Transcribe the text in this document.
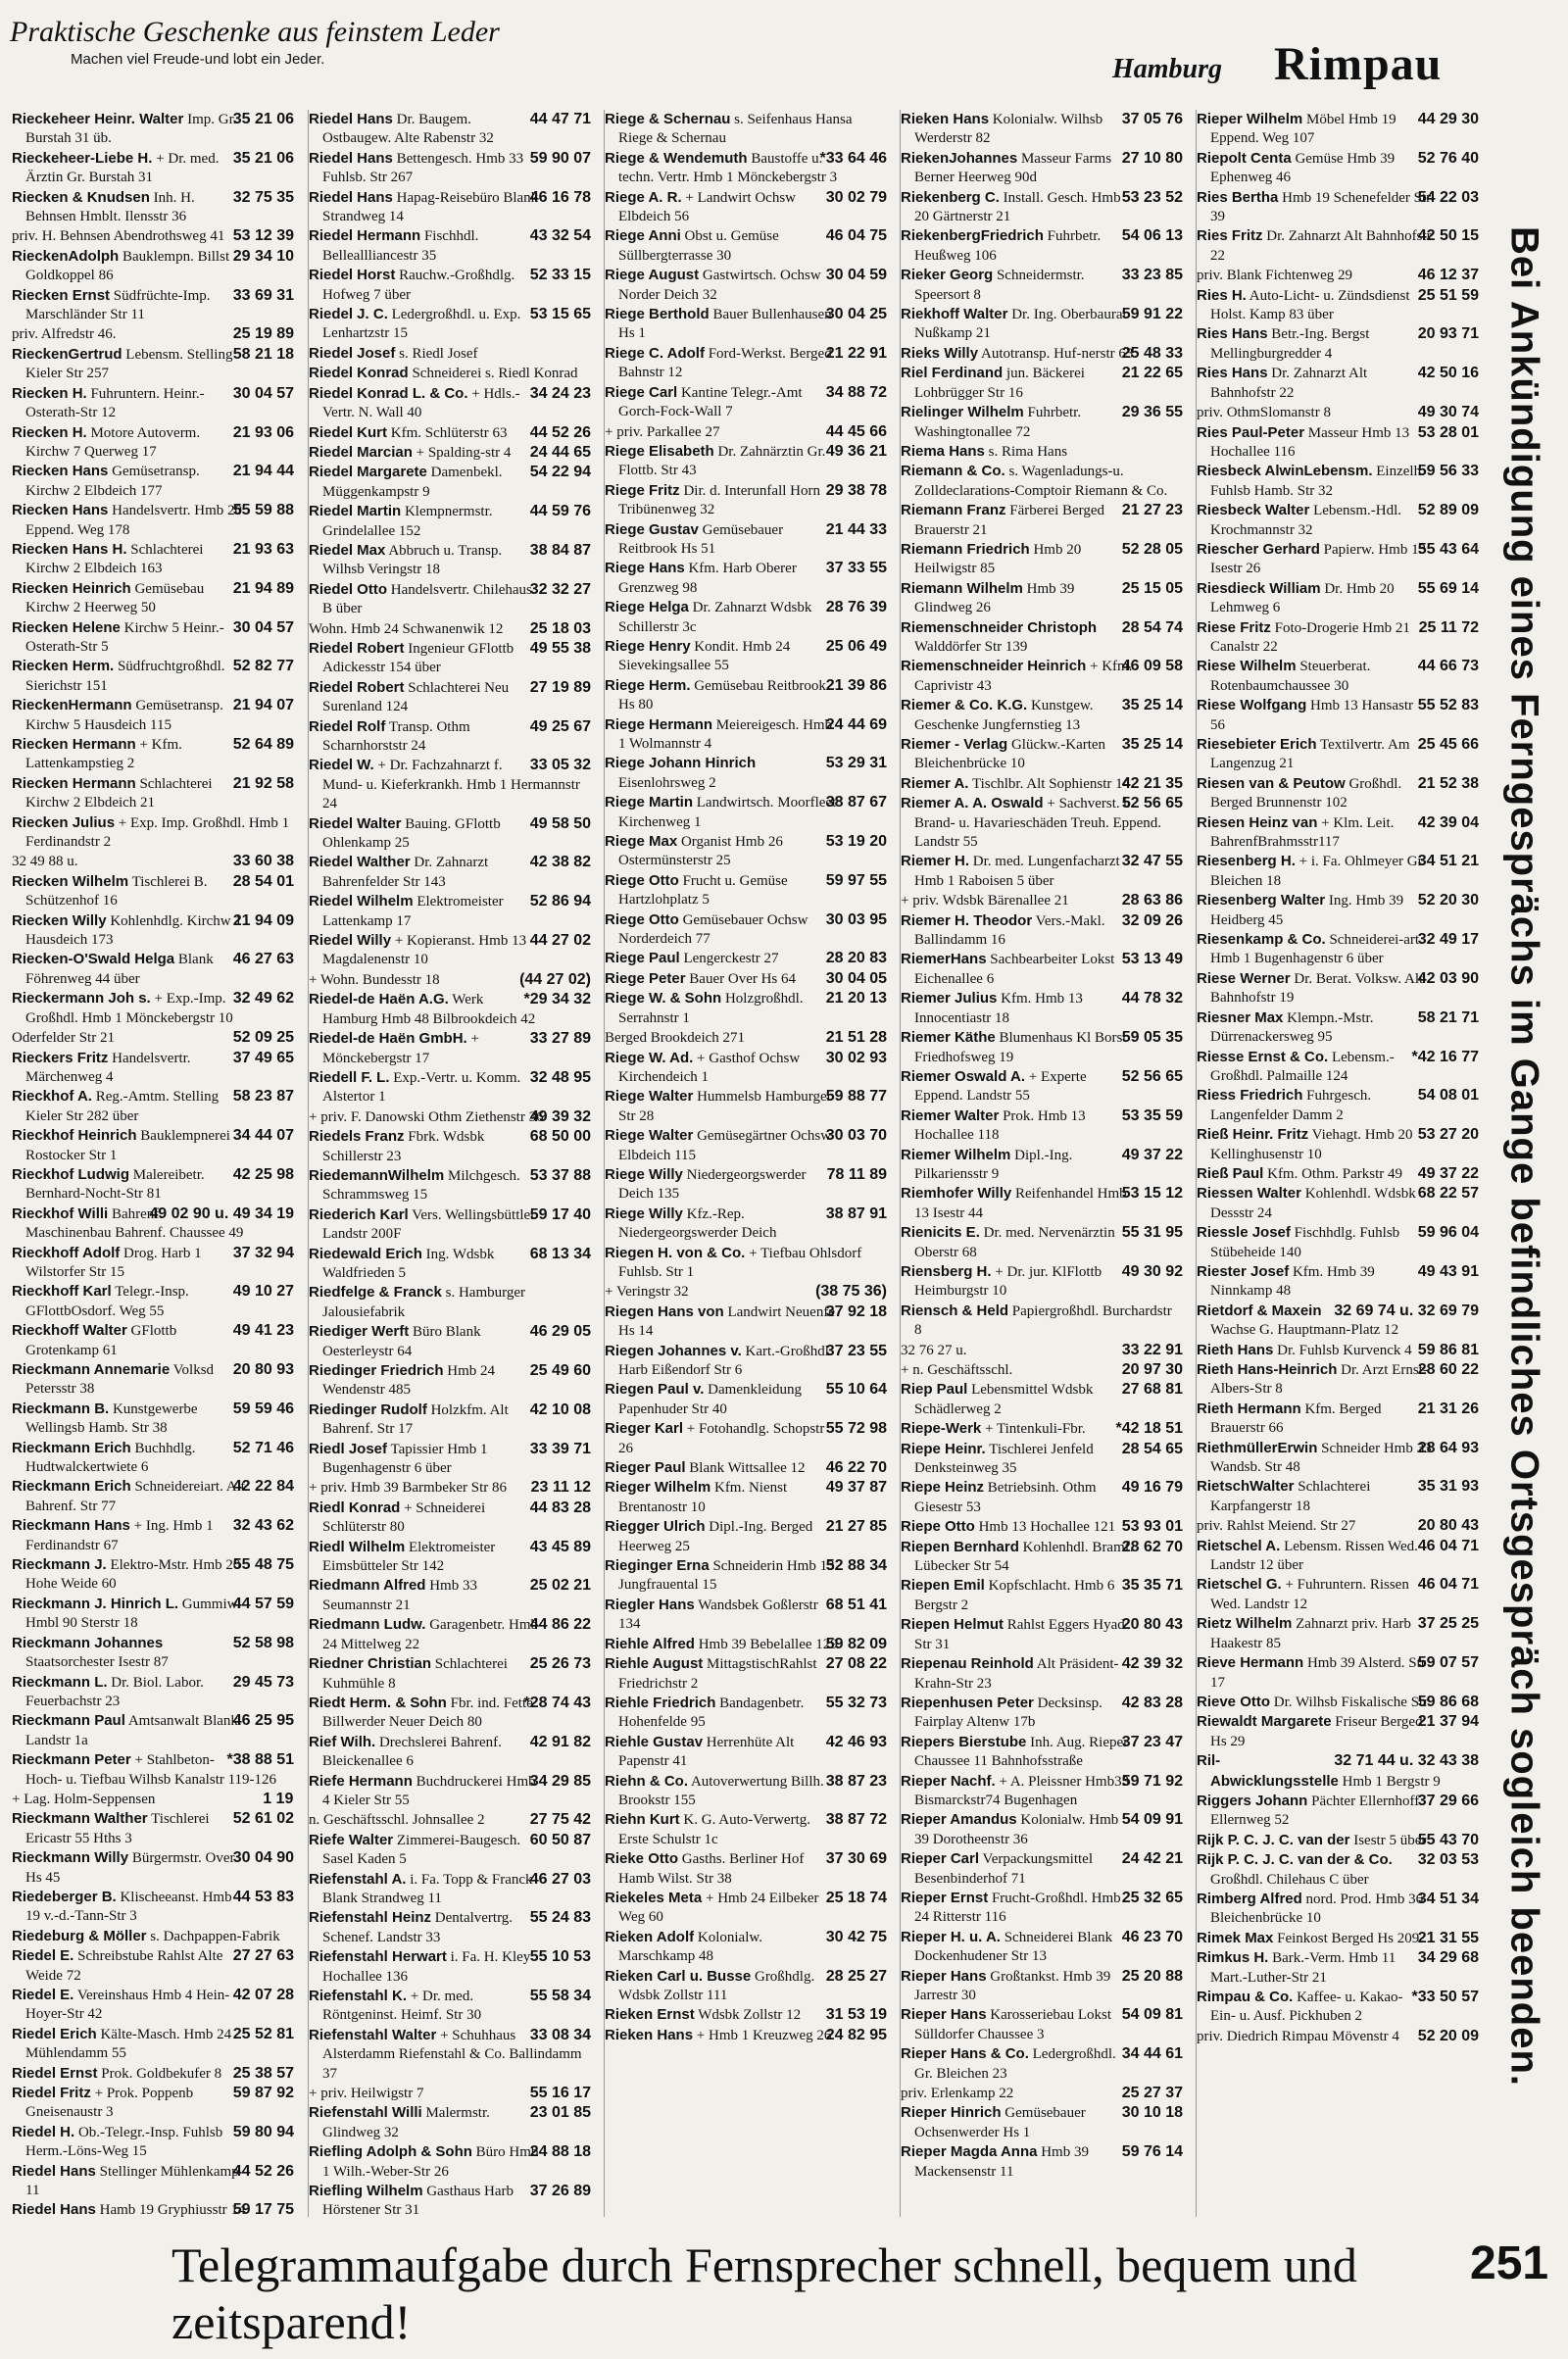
Praktische Geschenke aus feinstem Leder
Machen viel Freude-und lobt ein Jeder.	Hamburg Rimpau
35 21 06
Rieckeheer Heinr. Walter Imp. Gr. Burstah 31 üb.
35 21 06
Rieckeheer-Liebe H. + Dr. med. Ärztin Gr. Burstah 31
32 75 35
Riecken & Knudsen Inh. H. Behnsen Hmblt. Ilensstr 36
53 12 39
priv. H. Behnsen Abendrothsweg 41
29 34 10
RieckenAdolph Bauklempn. Billst Goldkoppel 86
33 69 31
Riecken Ernst Südfrüchte-Imp. Marschländer Str 11
25 19 89
priv. Alfredstr 46.
58 21 18
RieckenGertrud Lebensm. Stelling Kieler Str 257
30 04 57
Riecken H. Fuhruntern. Heinr.-Osterath-Str 12
21 93 06
Riecken H. Motore Autoverm. Kirchw 7 Querweg 17
21 94 44
Riecken Hans Gemüsetransp. Kirchw 2 Elbdeich 177
55 59 88
Riecken Hans Handelsvertr. Hmb 20 Eppend. Weg 178
21 93 63
Riecken Hans H. Schlachterei Kirchw 2 Elbdeich 163
21 94 89
Riecken Heinrich Gemüsebau Kirchw 2 Heerweg 50
30 04 57
Riecken Helene Kirchw 5 Heinr.-Osterath-Str 5
52 82 77
Riecken Herm. Südfruchtgroßhdl. Sierichstr 151
21 94 07
RieckenHermann Gemüsetransp. Kirchw 5 Hausdeich 115
52 64 89
Riecken Hermann + Kfm. Lattenkampstieg 2
21 92 58
Riecken Hermann Schlachterei Kirchw 2 Elbdeich 21
Riecken Julius + Exp. Imp. Großhdl. Hmb 1 Ferdinandstr 2
33 60 38
32 49 88 u.
28 54 01
Riecken Wilhelm Tischlerei B. Schützenhof 16
21 94 09
Riecken Willy Kohlenhdlg. Kirchw 1 Hausdeich 173
46 27 63
Riecken-O'Swald Helga Blank Föhrenweg 44 über
32 49 62
Rieckermann Joh s. + Exp.-Imp. Großhdl. Hmb 1 Mönckebergstr 10
52 09 25
Oderfelder Str 21
37 49 65
Rieckers Fritz Handelsvertr. Märchenweg 4
58 23 87
Rieckhof A. Reg.-Amtm. Stelling Kieler Str 282 über
34 44 07
Rieckhof Heinrich Bauklempnerei Rostocker Str 1
42 25 98
Rieckhof Ludwig Malereibetr. Bernhard-Nocht-Str 81
49 02 90 u. 49 34 19
Rieckhof Willi Bahrenf. Maschinenbau Bahrenf. Chaussee 49
37 32 94
Rieckhoff Adolf Drog. Harb 1 Wilstorfer Str 15
49 10 27
Rieckhoff Karl Telegr.-Insp. GFlottbOsdorf. Weg 55
49 41 23
Rieckhoff Walter GFlottb Grotenkamp 61
20 80 93
Rieckmann Annemarie Volksd Petersstr 38
59 59 46
Rieckmann B. Kunstgewerbe Wellingsb Hamb. Str 38
52 71 46
Rieckmann Erich Buchhdlg. Hudtwalckertwiete 6
42 22 84
Rieckmann Erich Schneidereiart. Alt Bahrenf. Str 77
32 43 62
Rieckmann Hans + Ing. Hmb 1 Ferdinandstr 67
55 48 75
Rieckmann J. Elektro-Mstr. Hmb 20 Hohe Weide 60
44 57 59
Rieckmann J. Hinrich L. Gummiw. Hmbl 90 Sterstr 18
52 58 98
Rieckmann Johannes Staatsorchester Isestr 87
29 45 73
Rieckmann L. Dr. Biol. Labor. Feuerbachstr 23
46 25 95
Rieckmann Paul Amtsanwalt Blank. Landstr 1a
*38 88 51
Rieckmann Peter + Stahlbeton-Hoch- u. Tiefbau Wilhsb Kanalstr 119-126
1 19
+ Lag. Holm-Seppensen
52 61 02
Rieckmann Walther Tischlerei Ericastr 55 Hths 3
30 04 90
Rieckmann Willy Bürgermstr. Over Hs 45
44 53 83
Riedeberger B. Klischeeanst. Hmb 19 v.-d.-Tann-Str 3
Riedeburg & Möller s. Dachpappen-Fabrik
27 27 63
Riedel E. Schreibstube Rahlst Alte Weide 72
42 07 28
Riedel E. Vereinshaus Hmb 4 Hein-Hoyer-Str 42
25 52 81
Riedel Erich Kälte-Masch. Hmb 24 Mühlendamm 55
25 38 57
Riedel Ernst Prok. Goldbekufer 8
59 87 92
Riedel Fritz + Prok. Poppenb Gneisenaustr 3
59 80 94
Riedel H. Ob.-Telegr.-Insp. Fuhlsb Herm.-Löns-Weg 15
44 52 26
Riedel Hans Stellinger Mühlenkamp 11
59 17 75
Riedel Hans Hamb 19 Gryphiusstr 14
44 47 71
Riedel Hans Dr. Baugem. Ostbaugew. Alte Rabenstr 32
59 90 07
Riedel Hans Bettengesch. Hmb 33 Fuhlsb. Str 267
46 16 78
Riedel Hans Hapag-Reisebüro Blank Strandweg 14
43 32 54
Riedel Hermann Fischhdl. Belleallliancestr 35
52 33 15
Riedel Horst Rauchw.-Großhdlg. Hofweg 7 über
53 15 65
Riedel J. C. Ledergroßhdl. u. Exp. Lenhartzstr 15
Riedel Josef s. Riedl Josef
Riedel Konrad Schneiderei s. Riedl Konrad
34 24 23
Riedel Konrad L. & Co. + Hdls.-Vertr. N. Wall 40
44 52 26
Riedel Kurt Kfm. Schlüterstr 63
24 44 65
Riedel Marcian + Spalding-str 4
54 22 94
Riedel Margarete Damenbekl. Müggenkampstr 9
44 59 76
Riedel Martin Klempnermstr. Grindelallee 152
38 84 87
Riedel Max Abbruch u. Transp. Wilhsb Veringstr 18
32 32 27
Riedel Otto Handelsvertr. Chilehaus B über
25 18 03
Wohn. Hmb 24 Schwanenwik 12
49 55 38
Riedel Robert Ingenieur GFlottb Adickesstr 154 über
27 19 89
Riedel Robert Schlachterei Neu Surenland 124
49 25 67
Riedel Rolf Transp. Othm Scharnhorststr 24
33 05 32
Riedel W. + Dr. Fachzahnarzt f. Mund- u. Kieferkrankh. Hmb 1 Hermannstr 24
49 58 50
Riedel Walter Bauing. GFlottb Ohlenkamp 25
42 38 82
Riedel Walther Dr. Zahnarzt Bahrenfelder Str 143
52 86 94
Riedel Wilhelm Elektromeister Lattenkamp 17
44 27 02
Riedel Willy + Kopieranst. Hmb 13 Magdalenenstr 10
(44 27 02)
+ Wohn. Bundesstr 18
*29 34 32
Riedel-de Haën A.G. Werk Hamburg Hmb 48 Bilbrookdeich 42
33 27 89
Riedel-de Haën GmbH. + Mönckebergstr 17
32 48 95
Riedell F. L. Exp.-Vertr. u. Komm. Alstertor 1
49 39 32
+ priv. F. Danowski Othm Ziethenstr 36
68 50 00
Riedels Franz Fbrk. Wdsbk Schillerstr 23
53 37 88
RiedemannWilhelm Milchgesch. Schrammsweg 15
59 17 40
Riederich Karl Vers. Wellingsbüttler Landstr 200F
68 13 34
Riedewald Erich Ing. Wdsbk Waldfrieden 5
Riedfelge & Franck s. Hamburger Jalousiefabrik
46 29 05
Riediger Werft Büro Blank Oesterleystr 64
25 49 60
Riedinger Friedrich Hmb 24 Wendenstr 485
42 10 08
Riedinger Rudolf Holzkfm. Alt Bahrenf. Str 17
33 39 71
Riedl Josef Tapissier Hmb 1 Bugenhagenstr 6 über
23 11 12
+ priv. Hmb 39 Barmbeker Str 86
44 83 28
Riedl Konrad + Schneiderei Schlüterstr 80
43 45 89
Riedl Wilhelm Elektromeister Eimsbütteler Str 142
25 02 21
Riedmann Alfred Hmb 33 Seumannstr 21
44 86 22
Riedmann Ludw. Garagenbetr. Hmb 24 Mittelweg 22
25 26 73
Riedner Christian Schlachterei Kuhmühle 8
*28 74 43
Riedt Herm. & Sohn Fbr. ind. Fette Billwerder Neuer Deich 80
42 91 82
Rief Wilh. Drechslerei Bahrenf. Bleickenallee 6
34 29 85
Riefe Hermann Buchdruckerei Hmb 4 Kieler Str 55
27 75 42
n. Geschäftsschl. Johnsallee 2
60 50 87
Riefe Walter Zimmerei-Baugesch. Sasel Kaden 5
46 27 03
Riefenstahl A. i. Fa. Topp & Franck Blank Strandweg 11
55 24 83
Riefenstahl Heinz Dentalvertrg. Schenef. Landstr 33
55 10 53
Riefenstahl Herwart i. Fa. H. Kley Hochallee 136
55 58 34
Riefenstahl K. + Dr. med. Röntgeninst. Heimf. Str 30
33 08 34
Riefenstahl Walter + Schuhhaus Alsterdamm Riefenstahl & Co. Ballindamm 37
55 16 17
+ priv. Heilwigstr 7
23 01 85
Riefenstahl Willi Malermstr. Glindweg 32
24 88 18
Riefling Adolph & Sohn Büro Hmb 1 Wilh.-Weber-Str 26
37 26 89
Riefling Wilhelm Gasthaus Harb Hörstener Str 31
Riege & Schernau s. Seifenhaus Hansa Riege & Schernau
*33 64 46
Riege & Wendemuth Baustoffe u. techn. Vertr. Hmb 1 Mönckebergstr 3
30 02 79
Riege A. R. + Landwirt Ochsw Elbdeich 56
46 04 75
Riege Anni Obst u. Gemüse Süllbergterrasse 30
30 04 59
Riege August Gastwirtsch. Ochsw Norder Deich 32
30 04 25
Riege Berthold Bauer Bullenhausen Hs 1
21 22 91
Riege C. Adolf Ford-Werkst. Berged Bahnstr 12
34 88 72
Riege Carl Kantine Telegr.-Amt Gorch-Fock-Wall 7
44 45 66
+ priv. Parkallee 27
49 36 21
Riege Elisabeth Dr. Zahnärztin Gr.-Flottb. Str 43
29 38 78
Riege Fritz Dir. d. Interunfall Horn Tribünenweg 32
21 44 33
Riege Gustav Gemüsebauer Reitbrook Hs 51
37 33 55
Riege Hans Kfm. Harb Oberer Grenzweg 98
28 76 39
Riege Helga Dr. Zahnarzt Wdsbk Schillerstr 3c
25 06 49
Riege Henry Kondit. Hmb 24 Sievekingsallee 55
21 39 86
Riege Herm. Gemüsebau Reitbrook Hs 80
24 44 69
Riege Hermann Meiereigesch. Hmb 1 Wolmannstr 4
53 29 31
Riege Johann Hinrich Eisenlohrsweg 2
38 87 67
Riege Martin Landwirtsch. Moorfleet Kirchenweg 1
53 19 20
Riege Max Organist Hmb 26 Ostermünsterstr 25
59 97 55
Riege Otto Frucht u. Gemüse Hartzlohplatz 5
30 03 95
Riege Otto Gemüsebauer Ochsw Norderdeich 77
28 20 83
Riege Paul Lengerckestr 27
30 04 05
Riege Peter Bauer Over Hs 64
21 20 13
Riege W. & Sohn Holzgroßhdl. Serrahnstr 1
21 51 28
Berged Brookdeich 271
30 02 93
Riege W. Ad. + Gasthof Ochsw Kirchendeich 1
59 88 77
Riege Walter Hummelsb Hamburger Str 28
30 03 70
Riege Walter Gemüsegärtner Ochsw Elbdeich 115
78 11 89
Riege Willy Niedergeorgswerder Deich 135
38 87 91
Riege Willy Kfz.-Rep. Niedergeorgswerder Deich
Riegen H. von & Co. + Tiefbau Ohlsdorf Fuhlsb. Str 1
(38 75 36)
+ Veringstr 32
37 92 18
Riegen Hans von Landwirt Neuenfe Hs 14
37 23 55
Riegen Johannes v. Kart.-Großhdl. Harb Eißendorf Str 6
55 10 64
Riegen Paul v. Damenkleidung Papenhuder Str 40
55 72 98
Rieger Karl + Fotohandlg. Schopstr 26
46 22 70
Rieger Paul Blank Wittsallee 12
49 37 87
Rieger Wilhelm Kfm. Nienst Brentanostr 10
21 27 85
Riegger Ulrich Dipl.-Ing. Berged Heerweg 25
52 88 34
Rieginger Erna Schneiderin Hmb 13 Jungfrauental 15
68 51 41
Riegler Hans Wandsbek Goßlerstr 134
59 82 09
Riehle Alfred Hmb 39 Bebelallee 129
27 08 22
Riehle August MittagstischRahlst Friedrichstr 2
55 32 73
Riehle Friedrich Bandagenbetr. Hohenfelde 95
42 46 93
Riehle Gustav Herrenhüte Alt Papenstr 41
38 87 23
Riehn & Co. Autoverwertung Billh. Brookstr 155
38 87 72
Riehn Kurt K. G. Auto-Verwertg. Erste Schulstr 1c
37 30 69
Rieke Otto Gasths. Berliner Hof Hamb Wilst. Str 38
25 18 74
Riekeles Meta + Hmb 24 Eilbeker Weg 60
30 42 75
Rieken Adolf Kolonialw. Marschkamp 48
28 25 27
Rieken Carl u. Busse Großhdlg. Wdsbk Zollstr 111
31 53 19
Rieken Ernst Wdsbk Zollstr 12
24 82 95
Rieken Hans + Hmb 1 Kreuzweg 26
37 05 76
Rieken Hans Kolonialw. Wilhsb Werderstr 82
27 10 80
RiekenJohannes Masseur Farms Berner Heerweg 90d
53 23 52
Riekenberg C. Install. Gesch. Hmb 20 Gärtnerstr 21
54 06 13
RiekenbergFriedrich Fuhrbetr. Heußweg 106
33 23 85
Rieker Georg Schneidermstr. Speersort 8
59 91 22
Riekhoff Walter Dr. Ing. Oberbaurat Nußkamp 21
25 48 33
Rieks Willy Autotransp. Huf-nerstr 63
21 22 65
Riel Ferdinand jun. Bäckerei Lohbrügger Str 16
29 36 55
Rielinger Wilhelm Fuhrbetr. Washingtonallee 72
Riema Hans s. Rima Hans
Riemann & Co. s. Wagenladungs-u. Zolldeclarations-Comptoir Riemann & Co.
21 27 23
Riemann Franz Färberei Berged Brauerstr 21
52 28 05
Riemann Friedrich Hmb 20 Heilwigstr 85
25 15 05
Riemann Wilhelm Hmb 39 Glindweg 26
28 54 74
Riemenschneider Christoph Walddörfer Str 139
46 09 58
Riemenschneider Heinrich + Kfm. Caprivistr 43
35 25 14
Riemer & Co. K.G. Kunstgew. Geschenke Jungfernstieg 13
35 25 14
Riemer - Verlag Glückw.-Karten Bleichenbrücke 10
42 21 35
Riemer A. Tischlbr. Alt Sophienstr 14
52 56 65
Riemer A. A. Oswald + Sachverst. b. Brand- u. Havarieschäden Treuh. Eppend. Landstr 55
32 47 55
Riemer H. Dr. med. Lungenfacharzt Hmb 1 Raboisen 5 über
28 63 86
+ priv. Wdsbk Bärenallee 21
32 09 26
Riemer H. Theodor Vers.-Makl. Ballindamm 16
53 13 49
RiemerHans Sachbearbeiter Lokst Eichenallee 6
44 78 32
Riemer Julius Kfm. Hmb 13 Innocentiastr 18
59 05 35
Riemer Käthe Blumenhaus Kl Borst Friedhofsweg 19
52 56 65
Riemer Oswald A. + Experte Eppend. Landstr 55
53 35 59
Riemer Walter Prok. Hmb 13 Hochallee 118
49 37 22
Riemer Wilhelm Dipl.-Ing. Pilkariensstr 9
53 15 12
Riemhofer Willy Reifenhandel Hmb 13 Isestr 44
55 31 95
Rienicits E. Dr. med. Nervenärztin Oberstr 68
49 30 92
Riensberg H. + Dr. jur. KlFlottb Heimburgstr 10
Riensch & Held Papiergroßhdl. Burchardstr 8
33 22 91
32 76 27 u.
20 97 30
+ n. Geschäftsschl.
27 68 81
Riep Paul Lebensmittel Wdsbk Schädlerweg 2
*42 18 51
Riepe-Werk + Tintenkuli-Fbr.
28 54 65
Riepe Heinr. Tischlerei Jenfeld Denksteinweg 35
49 16 79
Riepe Heinz Betriebsinh. Othm Giesestr 53
53 93 01
Riepe Otto Hmb 13 Hochallee 121
28 62 70
Riepen Bernhard Kohlenhdl. Bramf. Lübecker Str 54
35 35 71
Riepen Emil Kopfschlacht. Hmb 6 Bergstr 2
20 80 43
Riepen Helmut Rahlst Eggers Hyad Str 31
42 39 32
Riepenau Reinhold Alt Präsident-Krahn-Str 23
42 83 28
Riepenhusen Peter Decksinsp. Fairplay Altenw 17b
37 23 47
Riepers Bierstube Inh. Aug. Rieper Chaussee 11 Bahnhofsstraße
59 71 92
Rieper Nachf. + A. Pleissner Hmb33 Bismarckstr74 Bugenhagen
54 09 91
Rieper Amandus Kolonialw. Hmb 39 Dorotheenstr 36
24 42 21
Rieper Carl Verpackungsmittel Besenbinderhof 71
25 32 65
Rieper Ernst Frucht-Großhdl. Hmb 24 Ritterstr 116
46 23 70
Rieper H. u. A. Schneiderei Blank Dockenhudener Str 13
25 20 88
Rieper Hans Großtankst. Hmb 39 Jarrestr 30
54 09 81
Rieper Hans Karosseriebau Lokst Sülldorfer Chaussee 3
34 44 61
Rieper Hans & Co. Ledergroßhdl. Gr. Bleichen 23
25 27 37
priv. Erlenkamp 22
30 10 18
Rieper Hinrich Gemüsebauer Ochsenwerder Hs 1
59 76 14
Rieper Magda Anna Hmb 39 Mackensenstr 11
44 29 30
Rieper Wilhelm Möbel Hmb 19 Eppend. Weg 107
52 76 40
Riepolt Centa Gemüse Hmb 39 Ephenweg 46
54 22 03
Ries Bertha Hmb 19 Schenefelder Str 39
42 50 15
Ries Fritz Dr. Zahnarzt Alt Bahnhofstr 22
46 12 37
priv. Blank Fichtenweg 29
25 51 59
Ries H. Auto-Licht- u. Zündsdienst Holst. Kamp 83 über
20 93 71
Ries Hans Betr.-Ing. Bergst Mellingburgredder 4
42 50 16
Ries Hans Dr. Zahnarzt Alt Bahnhofstr 22
49 30 74
priv. OthmSlomanstr 8
53 28 01
Ries Paul-Peter Masseur Hmb 13 Hochallee 116
59 56 33
Riesbeck AlwinLebensm. Einzelh. Fuhlsb Hamb. Str 32
52 89 09
Riesbeck Walter Lebensm.-Hdl. Krochmannstr 32
55 43 64
Riescher Gerhard Papierw. Hmb 13 Isestr 26
55 69 14
Riesdieck William Dr. Hmb 20 Lehmweg 6
25 11 72
Riese Fritz Foto-Drogerie Hmb 21 Canalstr 22
44 66 73
Riese Wilhelm Steuerberat. Rotenbaumchaussee 30
55 52 83
Riese Wolfgang Hmb 13 Hansastr 56
25 45 66
Riesebieter Erich Textilvertr. Am Langenzug 21
21 52 38
Riesen van & Peutow Großhdl. Berged Brunnenstr 102
42 39 04
Riesen Heinz van + Klm. Leit. BahrenfBrahmsstr117
34 51 21
Riesenberg H. + i. Fa. Ohlmeyer Gr. Bleichen 18
52 20 30
Riesenberg Walter Ing. Hmb 39 Heidberg 45
32 49 17
Riesenkamp & Co. Schneiderei-art. Hmb 1 Bugenhagenstr 6 über
42 03 90
Riese Werner Dr. Berat. Volksw. Alt Bahnhofstr 19
58 21 71
Riesner Max Klempn.-Mstr. Dürrenackersweg 95
*42 16 77
Riesse Ernst & Co. Lebensm.-Großhdl. Palmaille 124
54 08 01
Riess Friedrich Fuhrgesch. Langenfelder Damm 2
53 27 20
Rieß Heinr. Fritz Viehagt. Hmb 20 Kellinghusenstr 10
49 37 22
Rieß Paul Kfm. Othm. Parkstr 49
68 22 57
Riessen Walter Kohlenhdl. Wdsbk Dessstr 24
59 96 04
Riessle Josef Fischhdlg. Fuhlsb Stübeheide 140
49 43 91
Riester Josef Kfm. Hmb 39 Ninnkamp 48
32 69 74 u. 32 69 79
Rietdorf & Maxein Wachse G. Hauptmann-Platz 12
59 86 81
Rieth Hans Dr. Fuhlsb Kurvenck 4
28 60 22
Rieth Hans-Heinrich Dr. Arzt Ernst-Albers-Str 8
21 31 26
Rieth Hermann Kfm. Berged Brauerstr 66
28 64 93
RiethmüllerErwin Schneider Hmb 33 Wandsb. Str 48
35 31 93
RietschWalter Schlachterei Karpfangerstr 18
20 80 43
priv. Rahlst Meiend. Str 27
46 04 71
Rietschel A. Lebensm. Rissen Wed. Landstr 12 über
46 04 71
Rietschel G. + Fuhruntern. Rissen Wed. Landstr 12
37 25 25
Rietz Wilhelm Zahnarzt priv. Harb Haakestr 85
59 07 57
Rieve Hermann Hmb 39 Alsterd. Str 17
59 86 68
Rieve Otto Dr. Wilhsb Fiskalische Str
21 37 94
Riewaldt Margarete Friseur Berged Hs 29
32 71 44 u. 32 43 38
Ril-Abwicklungsstelle Hmb 1 Bergstr 9
37 29 66
Riggers Johann Pächter Ellernhoff Ellernweg 52
55 43 70
Rijk P. C. J. C. van der Isestr 5 über
32 03 53
Rijk P. C. J. C. van der & Co. Großhdl. Chilehaus C über
34 51 34
Rimberg Alfred nord. Prod. Hmb 36 Bleichenbrücke 10
21 31 55
Rimek Max Feinkost Berged Hs 209
34 29 68
Rimkus H. Bark.-Verm. Hmb 11 Mart.-Luther-Str 21
*33 50 57
Rimpau & Co. Kaffee- u. Kakao-Ein- u. Ausf. Pickhuben 2
52 20 09
priv. Diedrich Rimpau Mövenstr 4	Bei Ankündigung eines Ferngesprächs im Gange befindliches Ortsgespräch sogleich beenden.
Telegrammaufgabe durch Fernsprecher schnell, bequem und zeitsparend!
251
